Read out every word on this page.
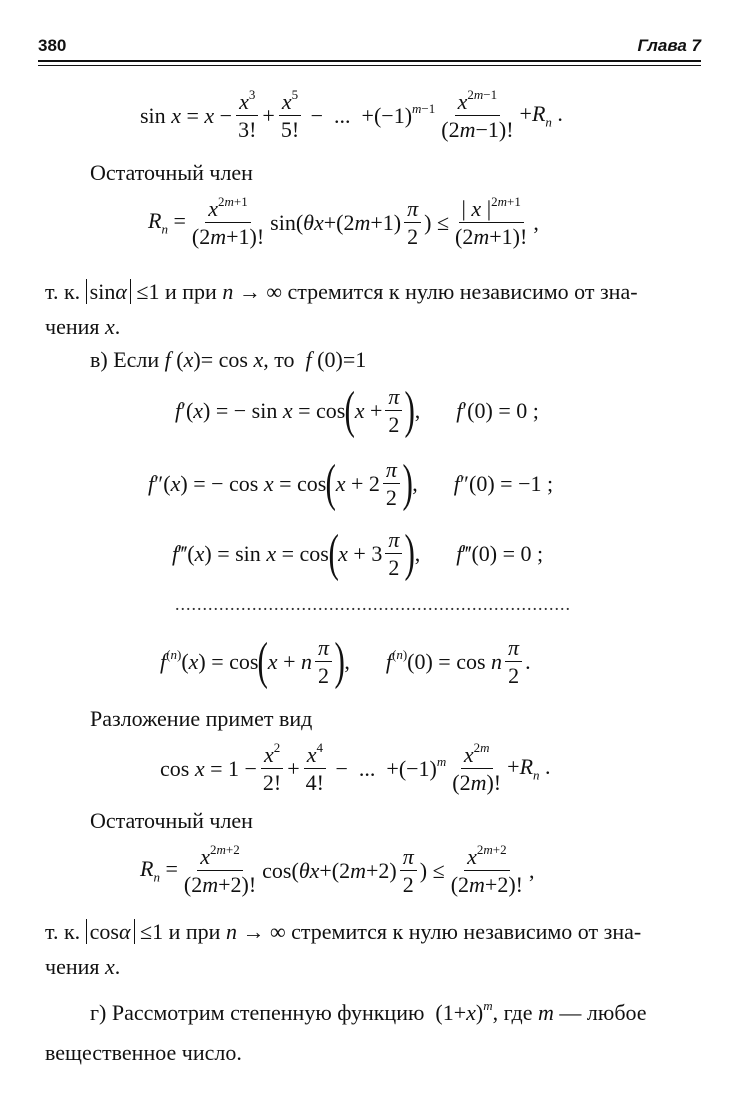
380	Глава 7
$\sin x = x - \frac{x^3}{3!} + \frac{x^5}{5!}$ −  ...  $+(-1)^{m-1} \frac{x^{2m-1}}{(2m-1)!} +R_n$ .
Остаточный член
$R_n = \frac{x^{2m+1}}{(2m+1)!} \sin(\theta x+(2m+1) \frac{\pi}{2}$ ) ≤ $\frac{| x |^{2m+1}}{(2m+1)!}$ ,
т. к. sinα ≤1 и при n → ∞ стремится к нулю независимо от зна-
чения x.
в) Если f (x)= cos x, то f (0)=1
f′(x) = − sin x = cos ( $x + \frac{\pi}{2}$ ) , f′(0) = 0 ;
f″(x) = − cos x = cos ( $x + 2 \frac{\pi}{2}$ ) , f″(0) = −1 ;
f‴(x) = sin x = cos ( $x + 3 \frac{\pi}{2}$ ) , f‴(0) = 0 ;
........................................................................
$f^{(n)}(x) = \cos$ ( x + n $\frac{\pi}{2}$ ) , $f^{(n)}(0) = \cos n \frac{\pi}{2}$ .
Разложение примет вид
$\cos x = 1 - \frac{x^2}{2!} + \frac{x^4}{4!}$ −  ...  $+(-1)^m \frac{x^{2m}}{(2m)!} +R_n$ .
Остаточный член
$R_n = \frac{x^{2m+2}}{(2m+2)!} \cos(\theta x+(2m+2) \frac{\pi}{2}$ ) ≤ $\frac{x^{2m+2}}{(2m+2)!}$ ,
т. к. cosα ≤1 и при n → ∞ стремится к нулю независимо от зна-
чения x.
г) Рассмотрим степенную функцию  $(1+x)^m$, где m — любое
вещественное число.
